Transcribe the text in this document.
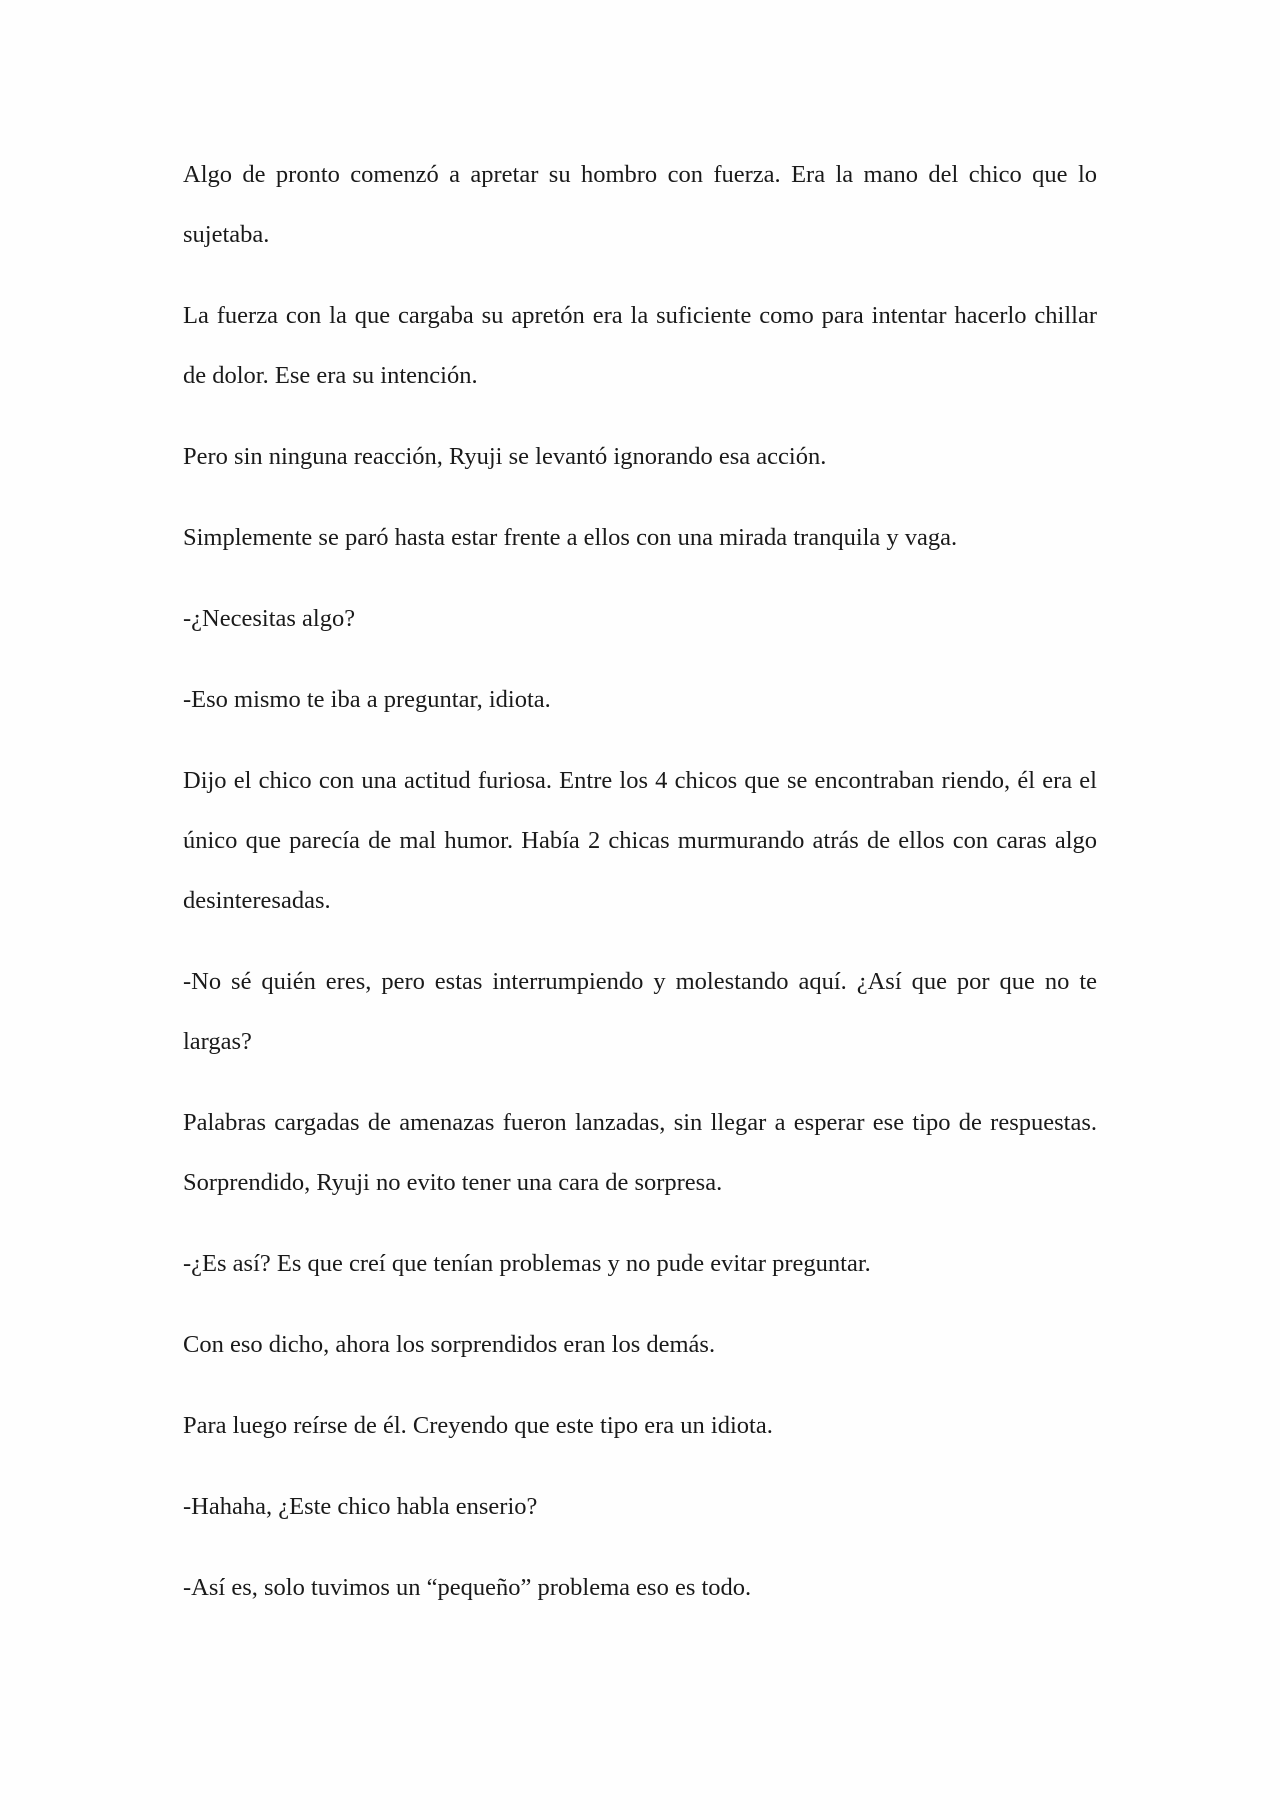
Algo de pronto comenzó a apretar su hombro con fuerza. Era la mano del chico que lo sujetaba.

La fuerza con la que cargaba su apretón era la suficiente como para intentar hacerlo chillar de dolor. Ese era su intención.

Pero sin ninguna reacción, Ryuji se levantó ignorando esa acción.

Simplemente se paró hasta estar frente a ellos con una mirada tranquila y vaga.

-¿Necesitas algo?

-Eso mismo te iba a preguntar, idiota.

Dijo el chico con una actitud furiosa. Entre los 4 chicos que se encontraban riendo, él era el único que parecía de mal humor. Había 2 chicas murmurando atrás de ellos con caras algo desinteresadas.

-No sé quién eres, pero estas interrumpiendo y molestando aquí. ¿Así que por que no te largas?

Palabras cargadas de amenazas fueron lanzadas, sin llegar a esperar ese tipo de respuestas. Sorprendido, Ryuji no evito tener una cara de sorpresa.

-¿Es así? Es que creí que tenían problemas y no pude evitar preguntar.

Con eso dicho, ahora los sorprendidos eran los demás.

Para luego reírse de él. Creyendo que este tipo era un idiota.

-Hahaha, ¿Este chico habla enserio?

-Así es, solo tuvimos un “pequeño” problema eso es todo.
